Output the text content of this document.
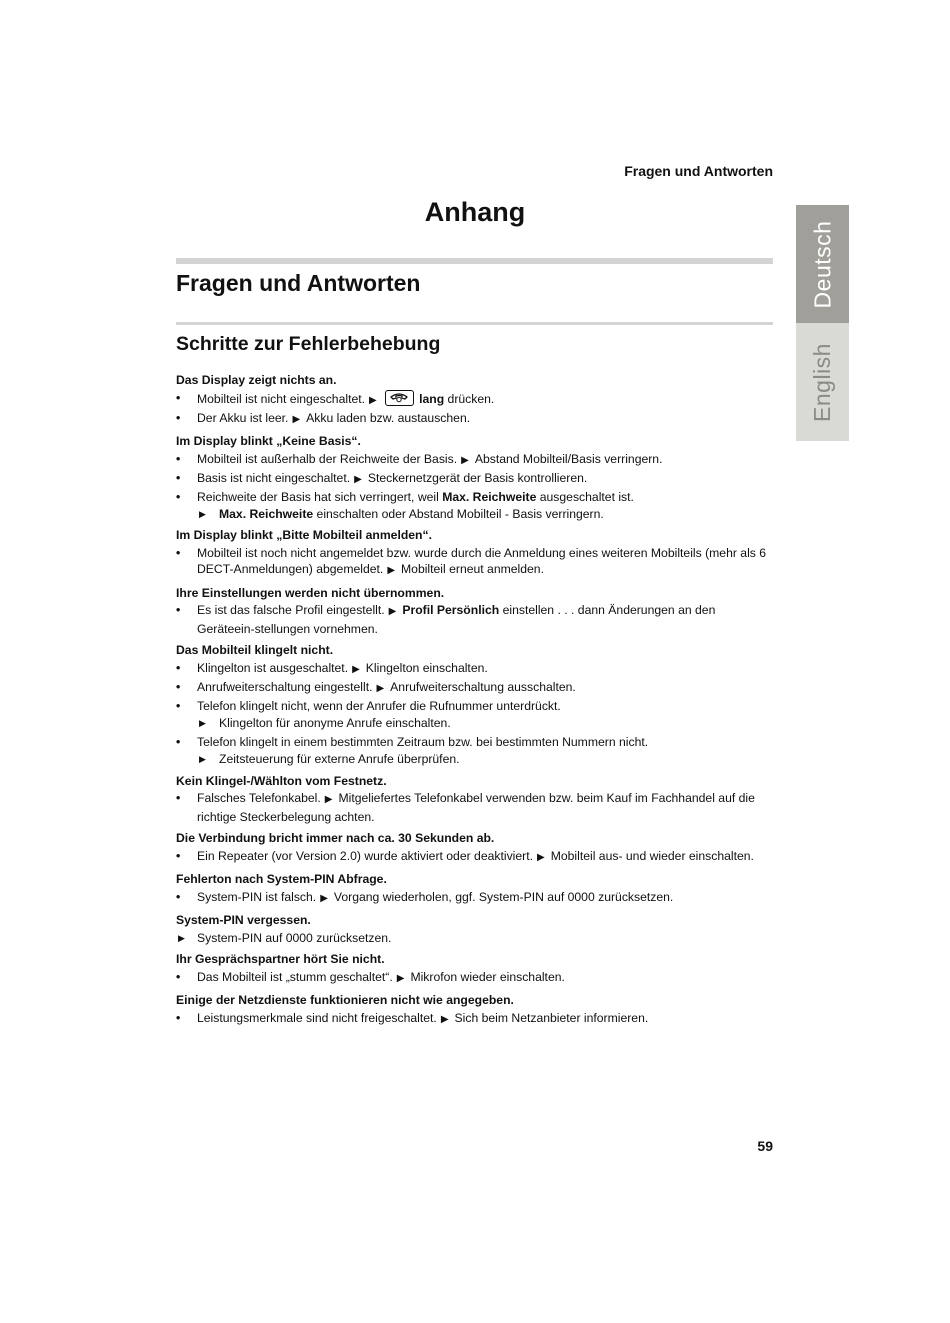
Fragen und Antworten
Anhang
Fragen und Antworten
Schritte zur Fehlerbehebung
Deutsch
English
Das Display zeigt nichts an.
• Mobilteil ist nicht eingeschaltet. ▶	lang drücken.
• Der Akku ist leer. ▶ Akku laden bzw. austauschen.
Im Display blinkt „Keine Basis“.
• Mobilteil ist außerhalb der Reichweite der Basis. ▶ Abstand Mobilteil/Basis verringern.
• Basis ist nicht eingeschaltet. ▶ Steckernetzgerät der Basis kontrollieren.
• Reichweite der Basis hat sich verringert, weil Max. Reichweite ausgeschaltet ist.
▶ Max. Reichweite einschalten oder Abstand Mobilteil - Basis verringern.
Im Display blinkt „Bitte Mobilteil anmelden“.
• Mobilteil ist noch nicht angemeldet bzw. wurde durch die Anmeldung eines weiteren Mobilteils (mehr als 6 DECT-Anmeldungen) abgemeldet. ▶ Mobilteil erneut anmelden.
Ihre Einstellungen werden nicht übernommen.
• Es ist das falsche Profil eingestellt. ▶ Profil Persönlich einstellen . . . dann Änderungen an den Geräteein-stellungen vornehmen.
Das Mobilteil klingelt nicht.
• Klingelton ist ausgeschaltet. ▶ Klingelton einschalten.
• Anrufweiterschaltung eingestellt. ▶ Anrufweiterschaltung ausschalten.
• Telefon klingelt nicht, wenn der Anrufer die Rufnummer unterdrückt.
▶ Klingelton für anonyme Anrufe einschalten.
• Telefon klingelt in einem bestimmten Zeitraum bzw. bei bestimmten Nummern nicht.
▶ Zeitsteuerung für externe Anrufe überprüfen.
Kein Klingel-/Wählton vom Festnetz.
• Falsches Telefonkabel. ▶ Mitgeliefertes Telefonkabel verwenden bzw. beim Kauf im Fachhandel auf die richtige Steckerbelegung achten.
Die Verbindung bricht immer nach ca. 30 Sekunden ab.
• Ein Repeater (vor Version 2.0) wurde aktiviert oder deaktiviert. ▶ Mobilteil aus- und wieder einschalten.
Fehlerton nach System-PIN Abfrage.
• System-PIN ist falsch. ▶ Vorgang wiederholen, ggf. System-PIN auf 0000 zurücksetzen.
System-PIN vergessen.
▶ System-PIN auf 0000 zurücksetzen.
Ihr Gesprächspartner hört Sie nicht.
• Das Mobilteil ist „stumm geschaltet“. ▶ Mikrofon wieder einschalten.
Einige der Netzdienste funktionieren nicht wie angegeben.
• Leistungsmerkmale sind nicht freigeschaltet. ▶ Sich beim Netzanbieter informieren.
59
